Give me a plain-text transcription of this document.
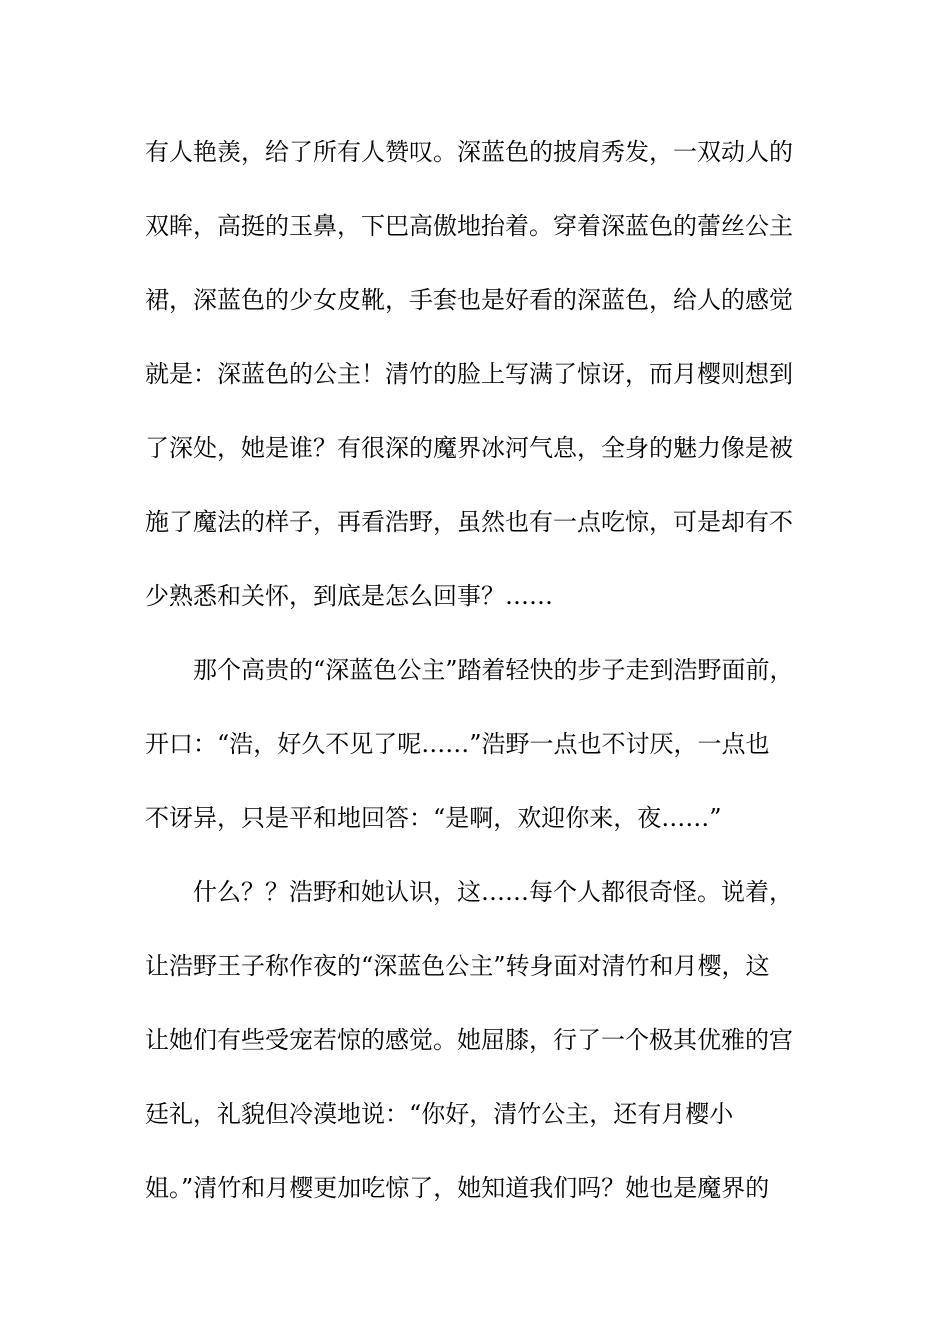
有人艳羡，给了所有人赞叹。深蓝色的披肩秀发，一双动人的
双眸，高挺的玉鼻，下巴高傲地抬着。穿着深蓝色的蕾丝公主
裙，深蓝色的少女皮靴，手套也是好看的深蓝色，给人的感觉
就是：深蓝色的公主！清竹的脸上写满了惊讶，而月樱则想到
了深处，她是谁？有很深的魔界冰河气息，全身的魅力像是被
施了魔法的样子，再看浩野，虽然也有一点吃惊，可是却有不
少熟悉和关怀，到底是怎么回事？……
那个高贵的“深蓝色公主”踏着轻快的步子走到浩野面前，
开口：“浩，好久不见了呢……”浩野一点也不讨厌，一点也
不讶异，只是平和地回答：“是啊，欢迎你来，夜……”
什么？？浩野和她认识，这……每个人都很奇怪。说着，
让浩野王子称作夜的“深蓝色公主”转身面对清竹和月樱，这
让她们有些受宠若惊的感觉。她屈膝，行了一个极其优雅的宫
廷礼，礼貌但冷漠地说：“你好，清竹公主，还有月樱小
姐。”清竹和月樱更加吃惊了，她知道我们吗？她也是魔界的
